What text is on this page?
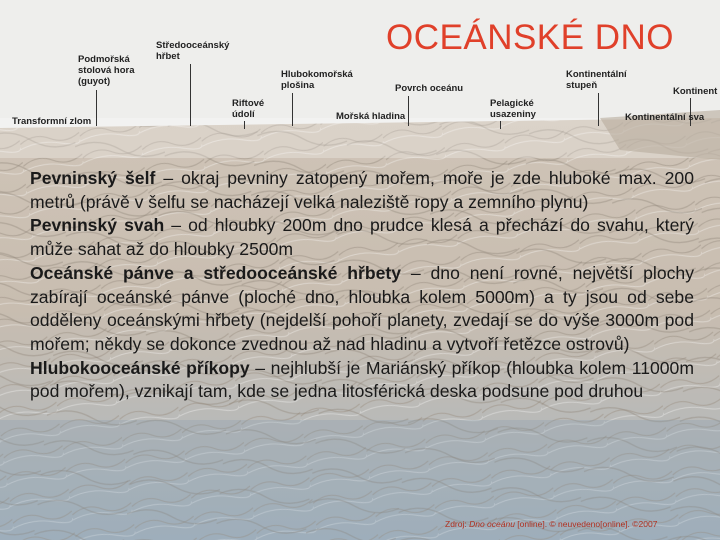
OCEÁNSKÉ DNO
Středooceánský
hřbet
Podmořská
stolová hora
(guyot)
Hlubokomořská
plošina	Povrch oceánu
Kontinentální
stupeň
Kontinent
Riftové
údolí
Pelagické
usazeniny
Transformní zlom	Mořská hladina	Kontinentální sva

Pevninský šelf – okraj pevniny zatopený mořem, moře je zde hluboké max. 200 metrů (právě v šelfu se nacházejí velká naleziště ropy a zemního plynu)

Pevninský svah – od hloubky 200m dno prudce klesá a přechází do svahu, který může sahat až do hloubky 2500m

Oceánské pánve a středooceánské hřbety – dno není rovné, největší plochy zabírají oceánské pánve (ploché dno, hloubka kolem 5000m) a ty jsou od sebe odděleny oceánskými hřbety (nejdelší pohoří planety, zvedají se do výše 3000m pod mořem; někdy se dokonce zvednou až nad hladinu a vytvoří řetězce ostrovů)

Hlubokooceánské příkopy – nejhlubší je Mariánský příkop (hloubka kolem 11000m pod mořem), vznikají tam, kde se jedna litosférická deska podsune pod druhou

Zdroj: Dno oceánu [online]. © neuvedeno[online]. ©2007
